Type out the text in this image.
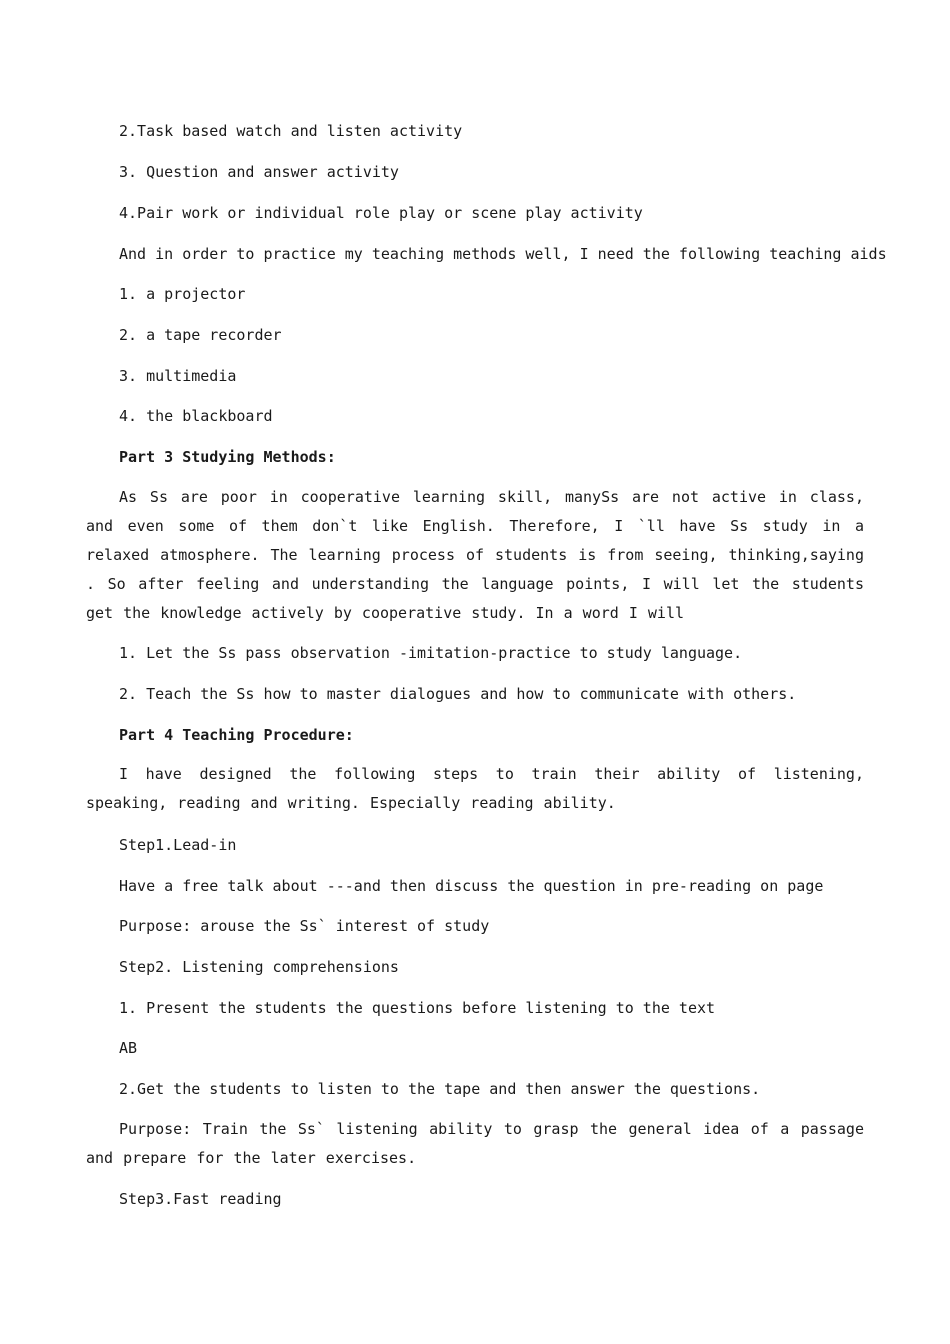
2.Task based watch and listen activity

3. Question and answer activity

4.Pair work or individual role play or scene play activity

And in order to practice my teaching methods well, I need the following teaching aids

1. a projector

2. a tape recorder

3. multimedia

4. the blackboard

Part 3 Studying Methods:

As Ss are poor in cooperative learning skill, manySs are not active in class, and even some of them don`t like English. Therefore, I `ll have Ss study in a relaxed atmosphere. The learning process of students is from seeing, thinking,saying . So after feeling and understanding the language points, I will let the students get the knowledge actively by cooperative study. In a word I will

1. Let the Ss pass observation -imitation-practice to study language.

2. Teach the Ss how to master dialogues and how to communicate with others.

Part 4 Teaching Procedure:

I have designed the following steps to train their ability of listening, speaking, reading and writing. Especially reading ability.

Step1.Lead-in

Have a free talk about ---and then discuss the question in pre-reading on page

Purpose: arouse the Ss` interest of study

Step2. Listening comprehensions

1. Present the students the questions before listening to the text

AB

2.Get the students to listen to the tape and then answer the questions.

Purpose: Train the Ss` listening ability to grasp the general idea of a passage and prepare for the later exercises.

Step3.Fast reading
